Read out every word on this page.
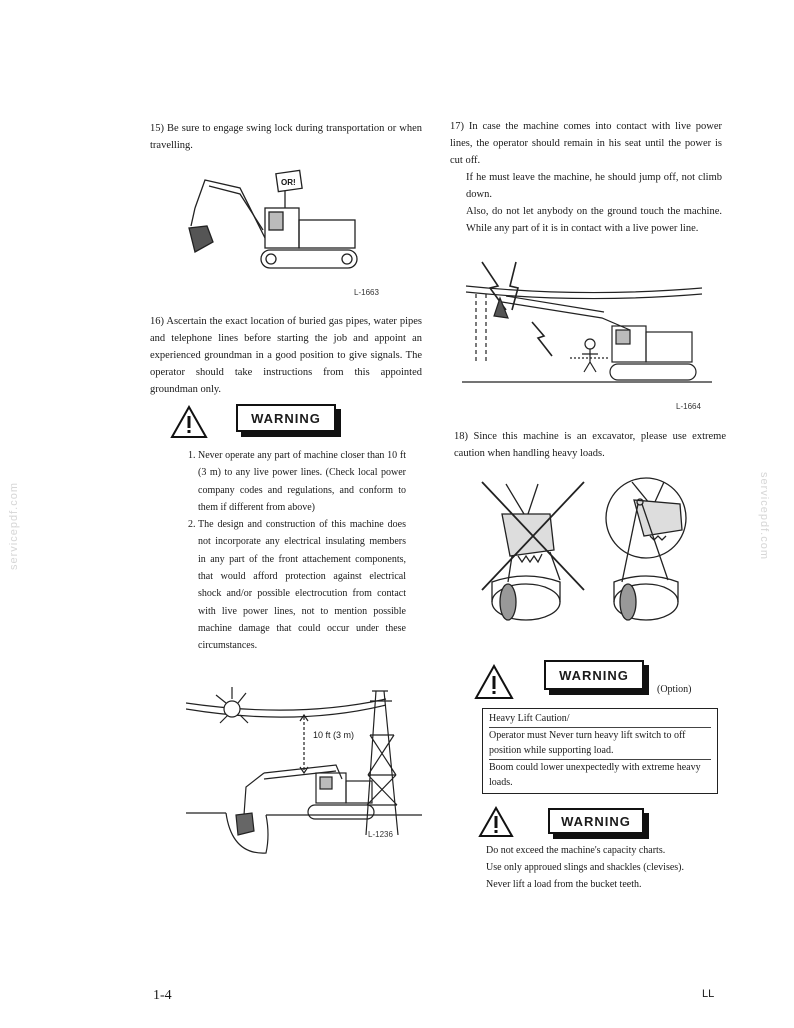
15) Be sure to engage swing lock during transportation or when travelling.
OR!
L-1663
16) Ascertain the exact location of buried gas pipes, water pipes and telephone lines before starting the job and appoint an experienced groundman in a good position to give signals. The operator should take instructions from this appointed groundman only.
WARNING
1. Never operate any part of machine closer than 10 ft (3 m) to any live power lines. (Check local power company codes and regulations, and conform to them if different from above)
2. The design and construction of this machine does not incorporate any electrical insulating members in any part of the front attachement components, that would afford protection against electrical shock and/or possible electrocution from contact with live power lines, not to mention possible machine damage that could occur under these circumstances.
10 ft (3 m)
L-1236
17) In case the machine comes into contact with live power lines, the operator should remain in his seat until the power is cut off.
If he must leave the machine, he should jump off, not climb down.
Also, do not let anybody on the ground touch the machine. While any part of it is in contact with a live power line.
L-1664
18) Since this machine is an excavator, please use extreme caution when handling heavy loads.
WARNING
(Option)
Heavy Lift Caution/
Operator must Never turn heavy lift switch to off position while supporting load.
Boom could lower unexpectedly with extreme heavy loads.
WARNING
Do not exceed the machine's capacity charts.
Use only approued slings and shackles (clevises).
Never lift a load from the bucket teeth.
servicepdf.com	servicepdf.com
1-4	LL
